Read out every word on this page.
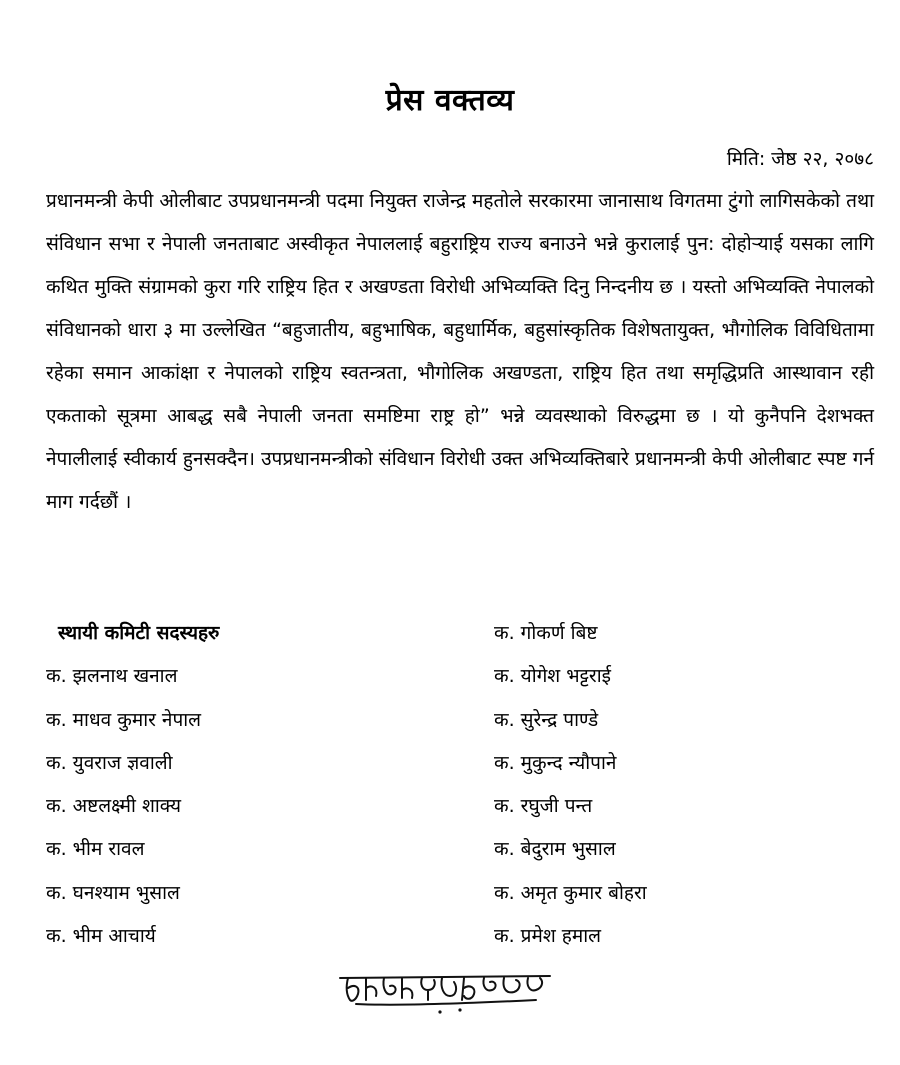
प्रेस वक्तव्य
मिति: जेष्ठ २२, २०७८

प्रधानमन्त्री केपी ओलीबाट उपप्रधानमन्त्री पदमा नियुक्त राजेन्द्र महतोले सरकारमा जानासाथ विगतमा टुंगो लागिसकेको तथा संविधान सभा र नेपाली जनताबाट अस्वीकृत नेपाललाई बहुराष्ट्रिय राज्य बनाउने भन्ने कुरालाई पुन: दोहोऱ्याई यसका लागि कथित मुक्ति संग्रामको कुरा गरि राष्ट्रिय हित र अखण्डता विरोधी अभिव्यक्ति दिनु निन्दनीय छ । यस्तो अभिव्यक्ति नेपालको संविधानको धारा ३ मा उल्लेखित “बहुजातीय, बहुभाषिक, बहुधार्मिक, बहुसांस्कृतिक विशेषतायुक्त, भौगोलिक विविधितामा रहेका समान आकांक्षा र नेपालको राष्ट्रिय स्वतन्त्रता, भौगोलिक अखण्डता, राष्ट्रिय हित तथा समृद्धिप्रति आस्थावान रही एकताको सूत्रमा आबद्ध सबै नेपाली जनता समष्टिमा राष्ट्र हो” भन्ने व्यवस्थाको विरुद्धमा छ । यो कुनैपनि देशभक्त नेपालीलाई स्वीकार्य हुनसक्दैन। उपप्रधानमन्त्रीको संविधान विरोधी उक्त अभिव्यक्तिबारे प्रधानमन्त्री केपी ओलीबाट स्पष्ट गर्न माग गर्दछौं ।

स्थायी कमिटी सदस्यहरु
क. झलनाथ खनाल
क. माधव कुमार नेपाल
क. युवराज ज्ञवाली
क. अष्टलक्ष्मी शाक्य
क. भीम रावल
क. घनश्याम भुसाल
क. भीम आचार्य
क. गोकर्ण बिष्ट
क. योगेश भट्टराई
क. सुरेन्द्र पाण्डे
क. मुकुन्द न्यौपाने
क. रघुजी पन्त
क. बेदुराम भुसाल
क. अमृत कुमार बोहरा
क. प्रमेश हमाल
